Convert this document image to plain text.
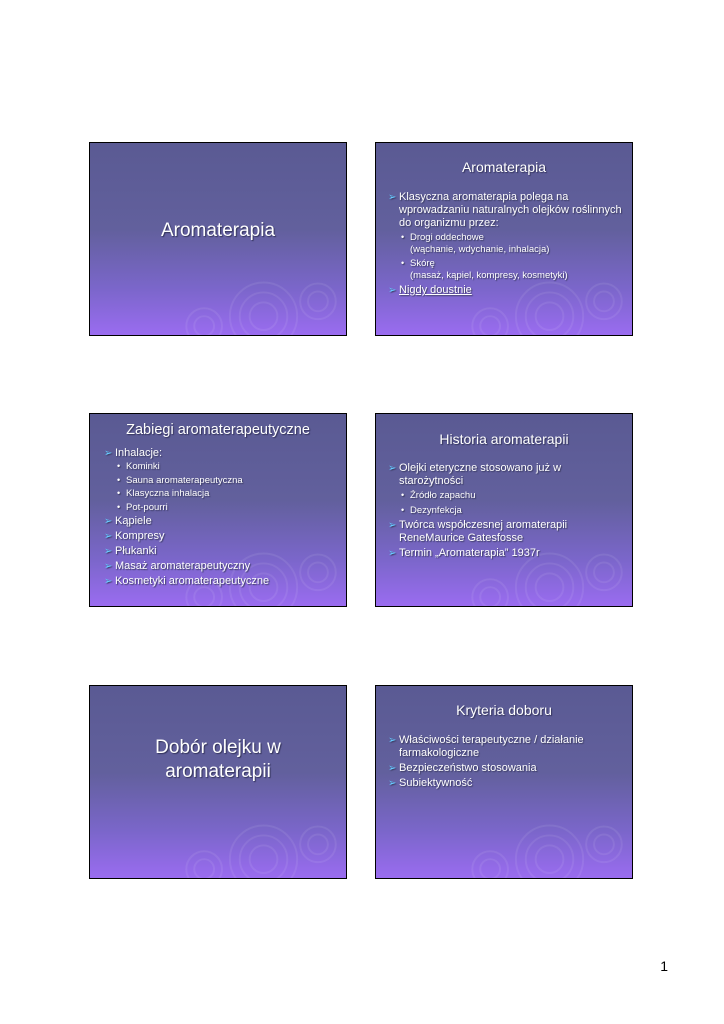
Aromaterapia
Aromaterapia
➢ Klasyczna aromaterapia polega na wprowadzaniu naturalnych olejków roślinnych do organizmu przez:
• Drogi oddechowe
(wąchanie, wdychanie, inhalacja)
• Skórę
(masaż, kąpiel, kompresy, kosmetyki)
➢ Nigdy doustnie
Zabiegi aromaterapeutyczne
➢ Inhalacje:
• Kominki
• Sauna aromaterapeutyczna
• Klasyczna inhalacja
• Pot-pourri
➢ Kąpiele
➢ Kompresy
➢ Płukanki
➢ Masaż aromaterapeutyczny
➢ Kosmetyki aromaterapeutyczne
Historia aromaterapii
➢ Olejki eteryczne stosowano już w starożytności
• Źródło zapachu
• Dezynfekcja
➢ Twórca współczesnej aromaterapii ReneMaurice Gatesfosse
➢ Termin „Aromaterapia” 1937r
Dobór olejku w
aromaterapii
Kryteria doboru
➢ Właściwości terapeutyczne / działanie farmakologiczne
➢ Bezpieczeństwo stosowania
➢ Subiektywność
1
